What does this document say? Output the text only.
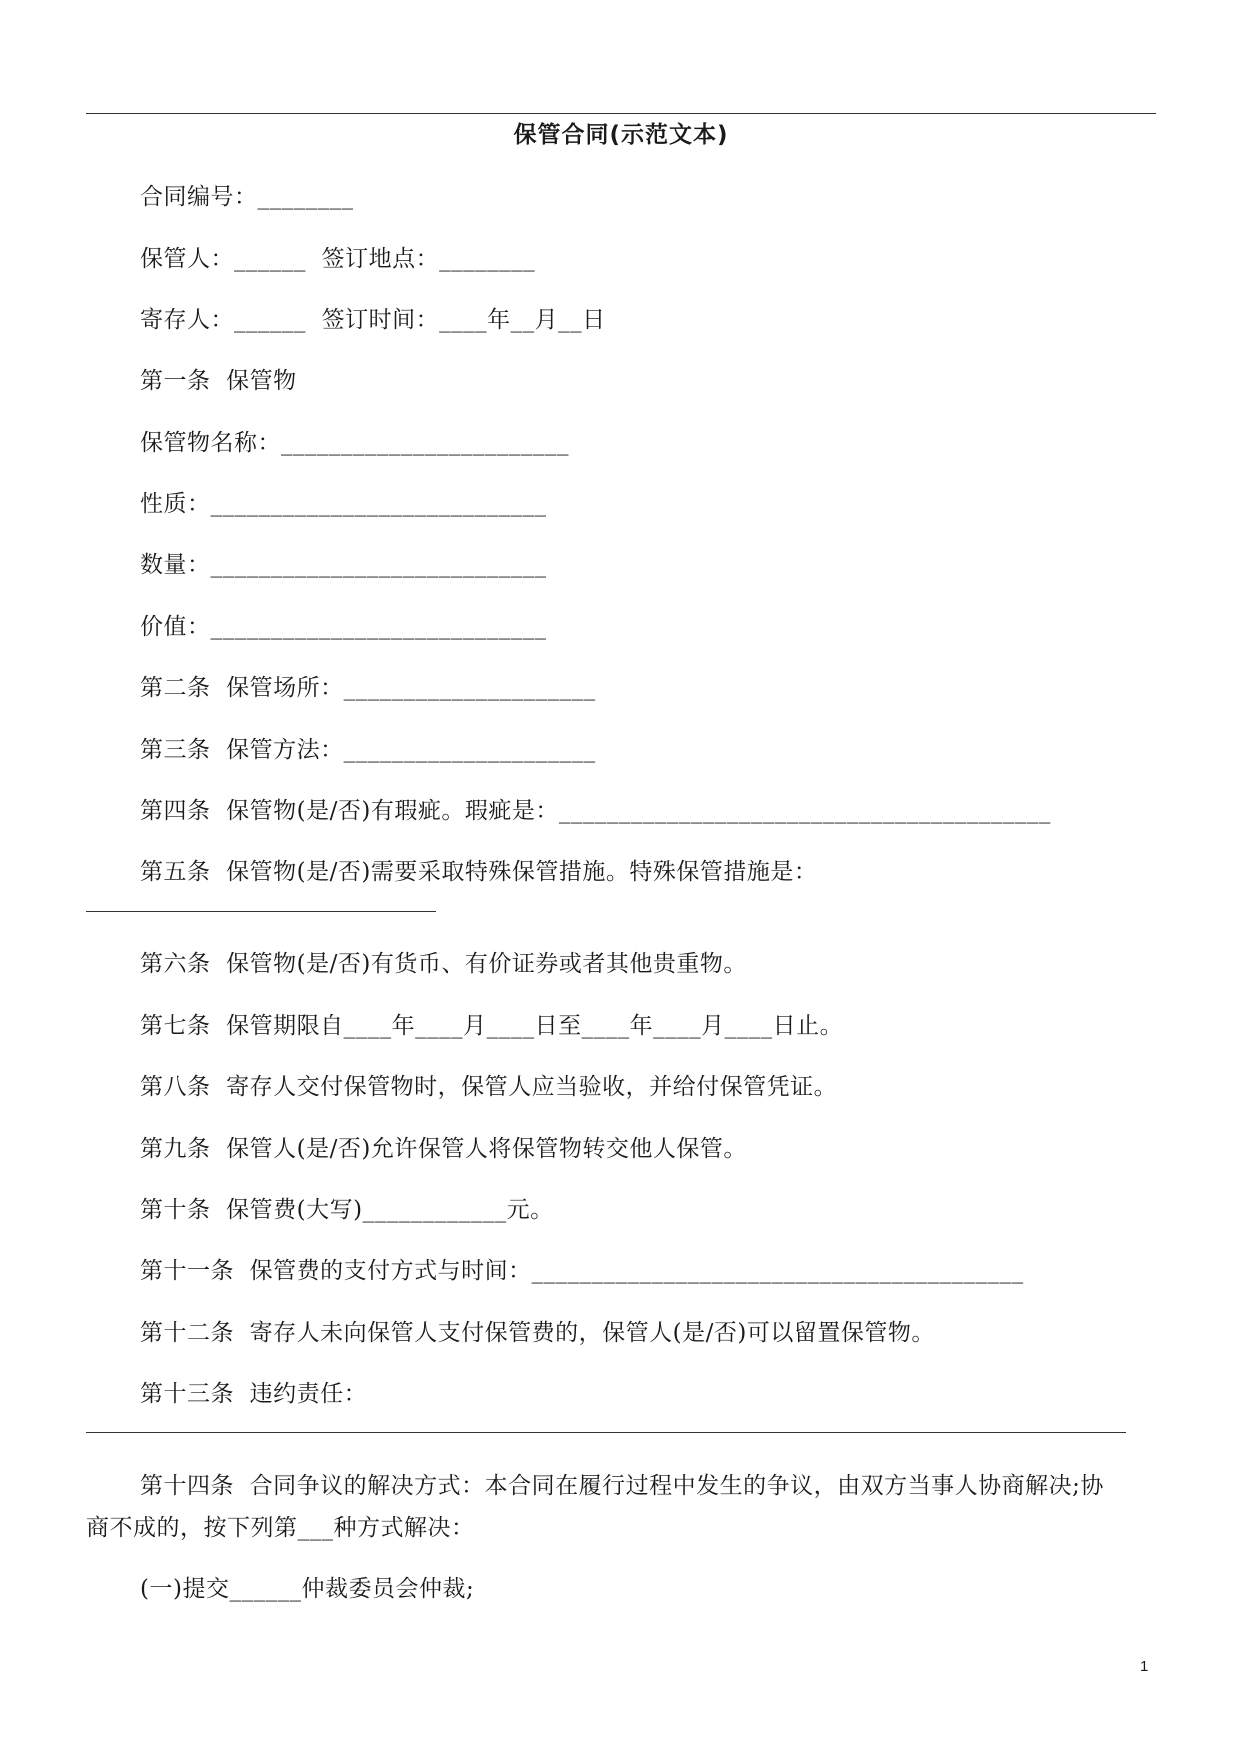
保管合同(示范文本)
合同编号：________
保管人：______  签订地点：________
寄存人：______  签订时间：____年__月__日
第一条  保管物
保管物名称：________________________
性质：____________________________
数量：____________________________
价值：____________________________
第二条  保管场所：_____________________
第三条  保管方法：_____________________
第四条  保管物(是/否)有瑕疵。瑕疵是：_________________________________________
第五条  保管物(是/否)需要采取特殊保管措施。特殊保管措施是：
第六条  保管物(是/否)有货币、有价证券或者其他贵重物。
第七条  保管期限自____年____月____日至____年____月____日止。
第八条  寄存人交付保管物时，保管人应当验收，并给付保管凭证。
第九条  保管人(是/否)允许保管人将保管物转交他人保管。
第十条  保管费(大写)____________元。
第十一条  保管费的支付方式与时间：_________________________________________
第十二条  寄存人未向保管人支付保管费的，保管人(是/否)可以留置保管物。
第十三条  违约责任：
第十四条  合同争议的解决方式：本合同在履行过程中发生的争议，由双方当事人协商解决;协
商不成的，按下列第___种方式解决：
(一)提交______仲裁委员会仲裁;
1
